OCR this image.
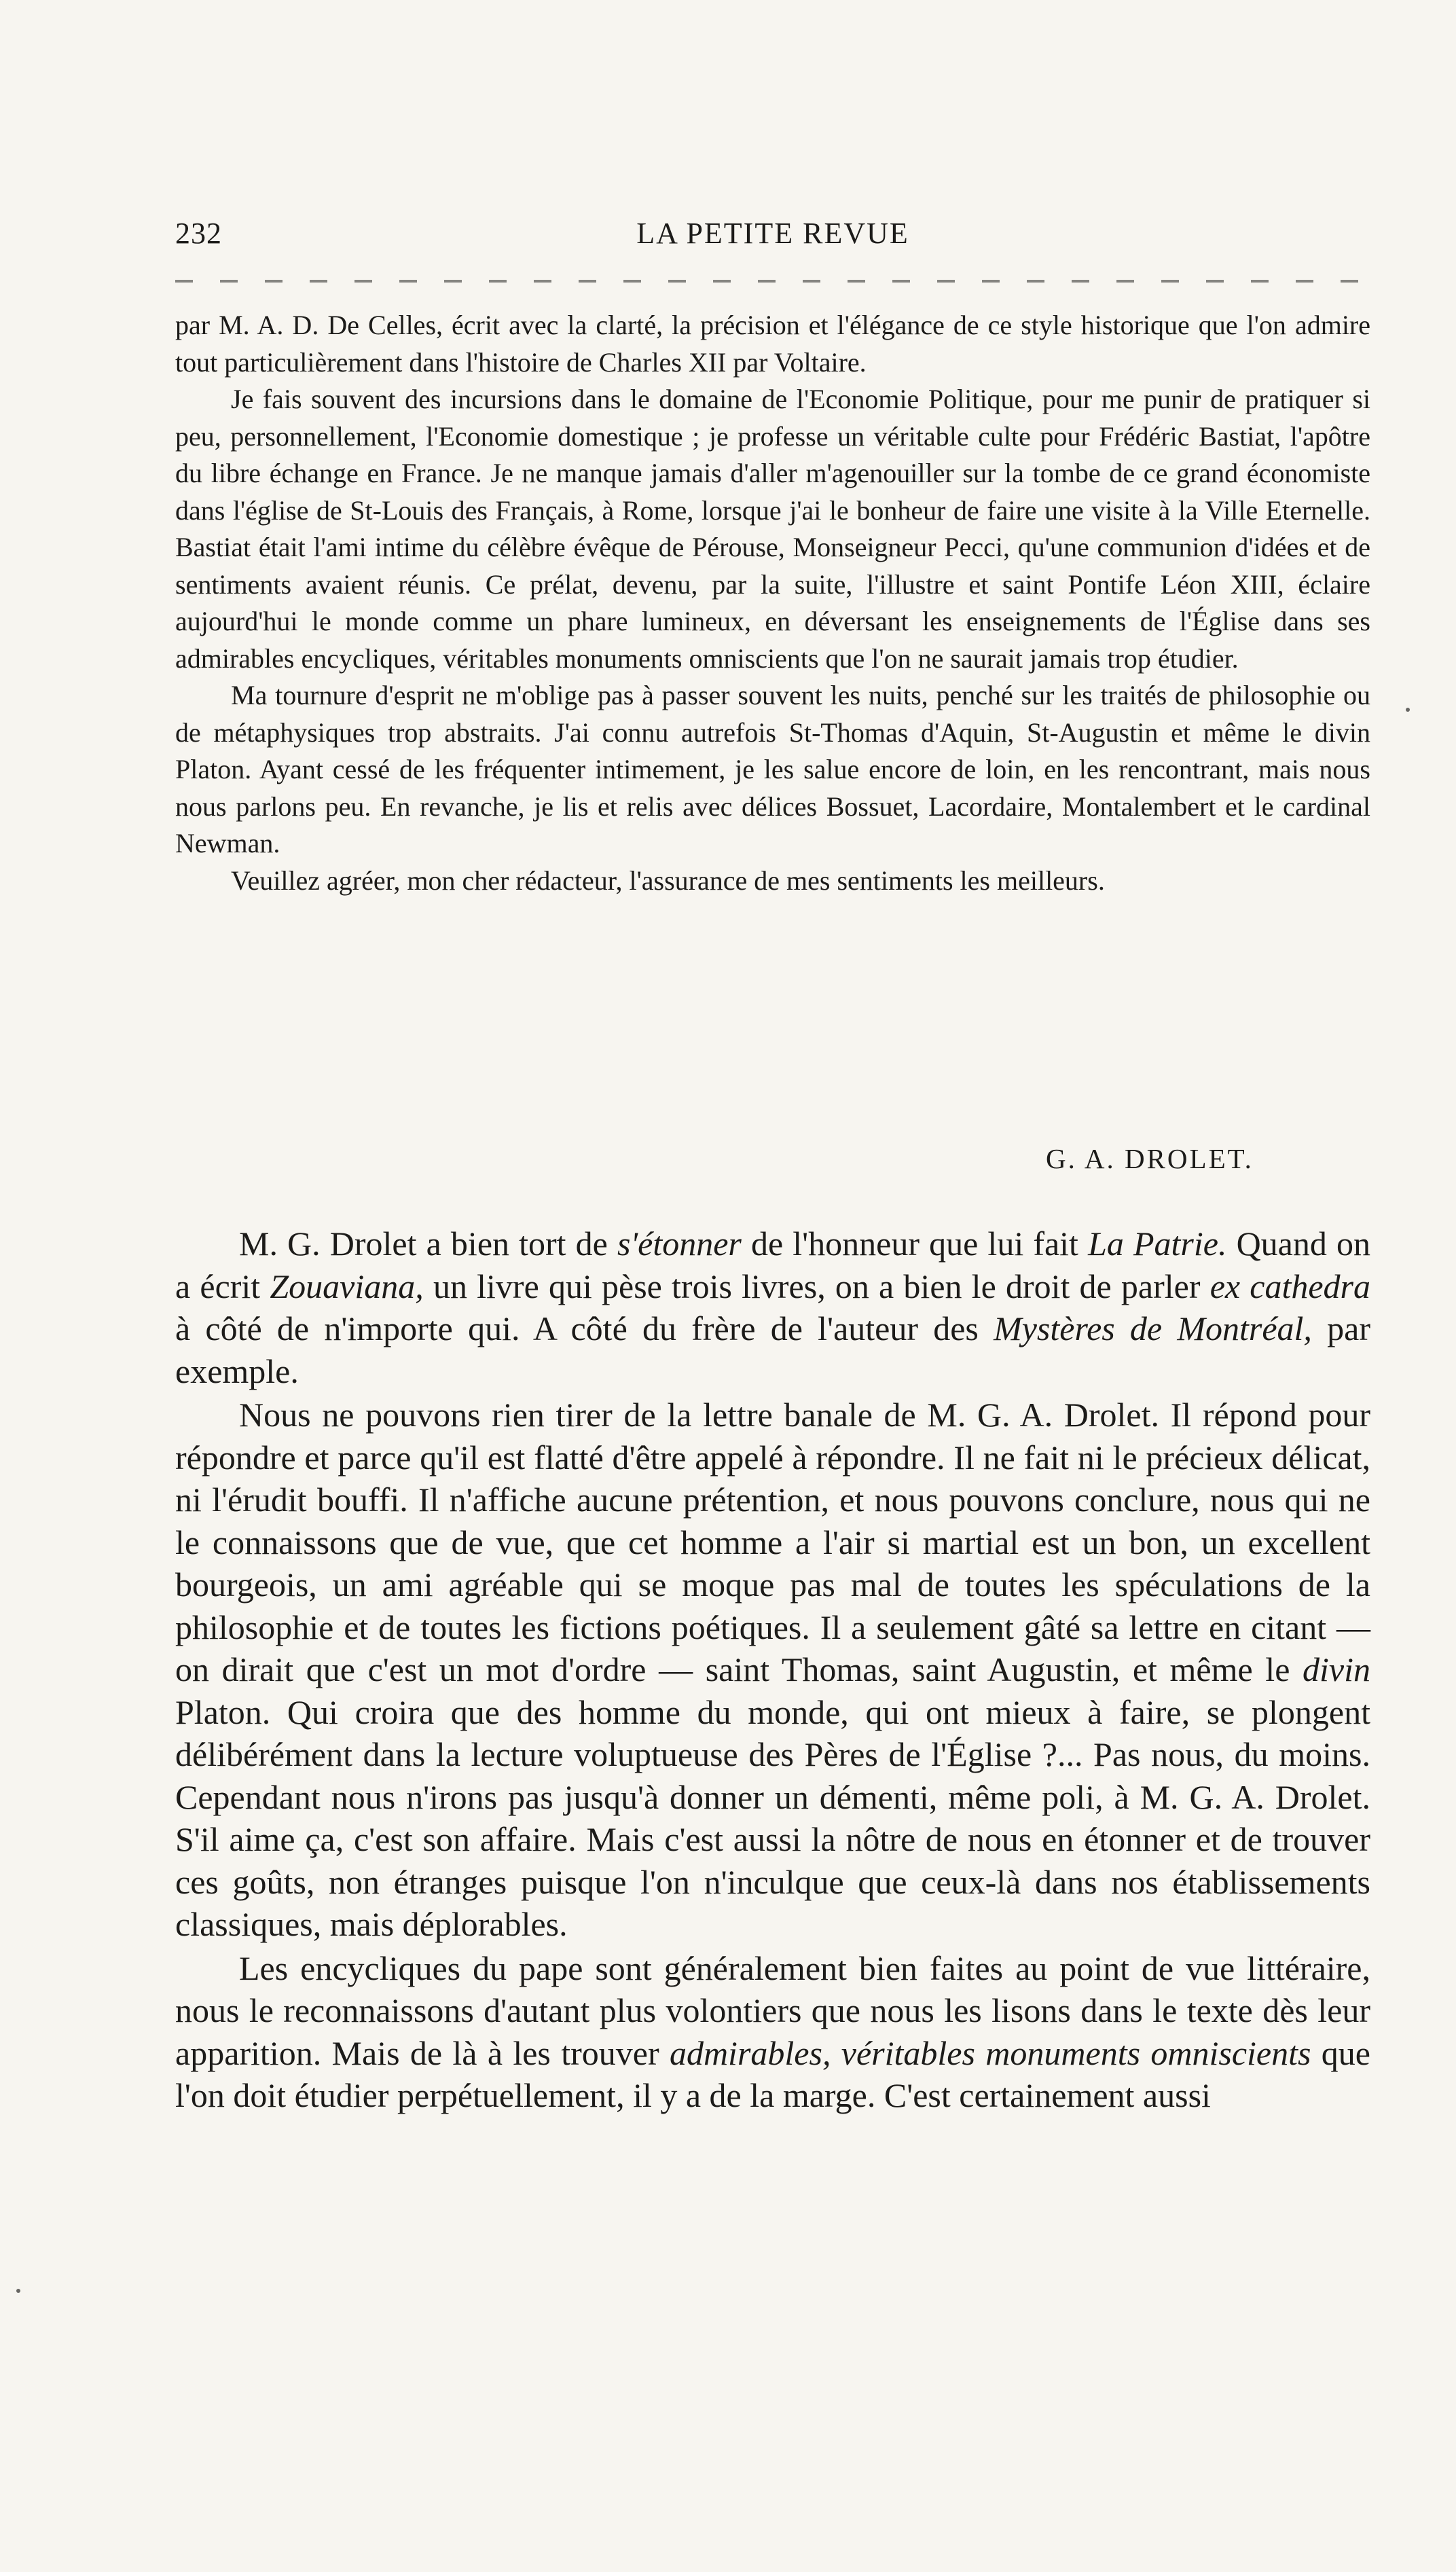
232	LA PETITE REVUE

par M. A. D. De Celles, écrit avec la clarté, la précision et l'élégance de ce style historique que l'on admire tout particulièrement dans l'histoire de Charles XII par Voltaire.

Je fais souvent des incursions dans le domaine de l'Economie Politique, pour me punir de pratiquer si peu, personnellement, l'Economie domestique ; je professe un véritable culte pour Frédéric Bastiat, l'apôtre du libre échange en France. Je ne manque jamais d'aller m'agenouiller sur la tombe de ce grand économiste dans l'église de St-Louis des Français, à Rome, lorsque j'ai le bonheur de faire une visite à la Ville Eternelle. Bastiat était l'ami intime du célèbre évêque de Pérouse, Monseigneur Pecci, qu'une communion d'idées et de sentiments avaient réunis. Ce prélat, devenu, par la suite, l'illustre et saint Pontife Léon XIII, éclaire aujourd'hui le monde comme un phare lumineux, en déversant les enseignements de l'Église dans ses admirables encycliques, véritables monuments omniscients que l'on ne saurait jamais trop étudier.

Ma tournure d'esprit ne m'oblige pas à passer souvent les nuits, penché sur les traités de philosophie ou de métaphysiques trop abstraits. J'ai connu autrefois St-Thomas d'Aquin, St-Augustin et même le divin Platon. Ayant cessé de les fréquenter intimement, je les salue encore de loin, en les rencontrant, mais nous nous parlons peu. En revanche, je lis et relis avec délices Bossuet, Lacordaire, Montalembert et le cardinal Newman.

Veuillez agréer, mon cher rédacteur, l'assurance de mes sentiments les meilleurs.

G. A. DROLET.

M. G. Drolet a bien tort de s'étonner de l'honneur que lui fait La Patrie. Quand on a écrit Zouaviana, un livre qui pèse trois livres, on a bien le droit de parler ex cathedra à côté de n'importe qui. A côté du frère de l'auteur des Mystères de Montréal, par exemple.

Nous ne pouvons rien tirer de la lettre banale de M. G. A. Drolet. Il répond pour répondre et parce qu'il est flatté d'être appelé à répondre. Il ne fait ni le précieux délicat, ni l'érudit bouffi. Il n'affiche aucune prétention, et nous pouvons conclure, nous qui ne le connaissons que de vue, que cet homme a l'air si martial est un bon, un excellent bourgeois, un ami agréable qui se moque pas mal de toutes les spéculations de la philosophie et de toutes les fictions poétiques. Il a seulement gâté sa lettre en citant — on dirait que c'est un mot d'ordre — saint Thomas, saint Augustin, et même le divin Platon. Qui croira que des homme du monde, qui ont mieux à faire, se plongent délibérément dans la lecture voluptueuse des Pères de l'Église ?... Pas nous, du moins. Cependant nous n'irons pas jusqu'à donner un démenti, même poli, à M. G. A. Drolet. S'il aime ça, c'est son affaire. Mais c'est aussi la nôtre de nous en étonner et de trouver ces goûts, non étranges puisque l'on n'inculque que ceux-là dans nos établissements classiques, mais déplorables.

Les encycliques du pape sont généralement bien faites au point de vue littéraire, nous le reconnaissons d'autant plus volontiers que nous les lisons dans le texte dès leur apparition. Mais de là à les trouver admirables, véritables monuments omniscients que l'on doit étudier perpétuellement, il y a de la marge. C'est certainement aussi
